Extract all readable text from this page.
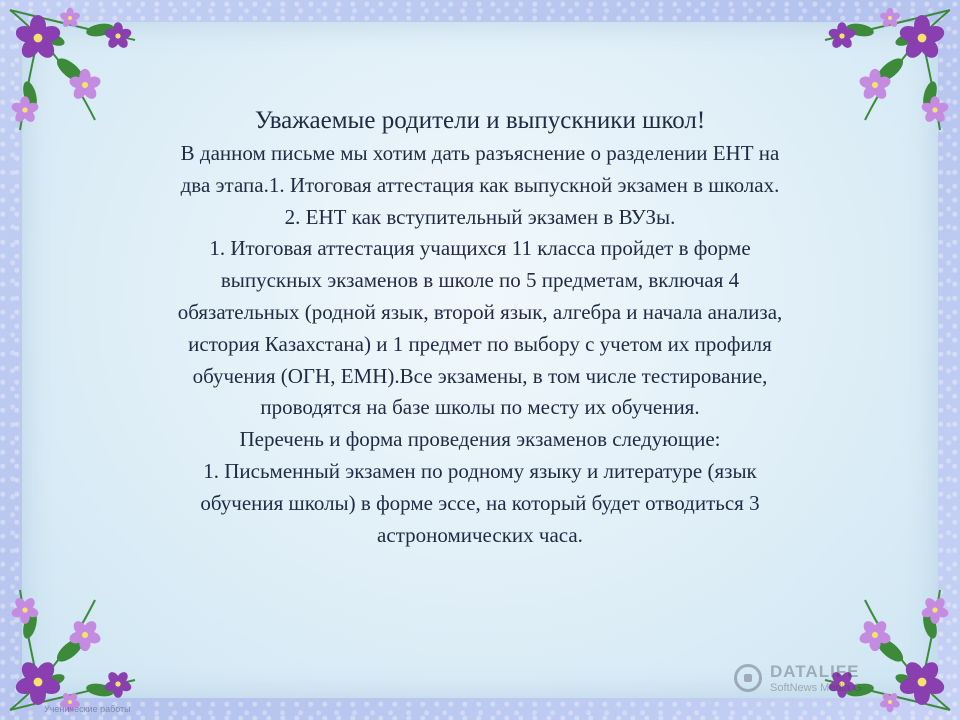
Уважаемые родители и выпускники школ!

В данном письме мы хотим дать разъяснение о разделении ЕНТ на

два этапа.1. Итоговая аттестация как выпускной экзамен в школах.

2. ЕНТ как вступительный экзамен в ВУЗы.

1. Итоговая аттестация учащихся 11 класса пройдет в форме

выпускных экзаменов в школе по 5 предметам, включая 4

обязательных (родной язык, второй язык, алгебра и начала анализа,

история Казахстана) и 1 предмет по выбору с учетом их профиля

обучения (ОГН, ЕМН).Все экзамены, в том числе тестирование,

проводятся на базе школы по месту их обучения.

Перечень и форма проведения экзаменов следующие:

1. Письменный экзамен по родному языку и литературе (язык

обучения школы) в форме эссе, на который будет отводиться 3

астрономических часа.

DATALIFE
SoftNews Media G
Ученические работы
